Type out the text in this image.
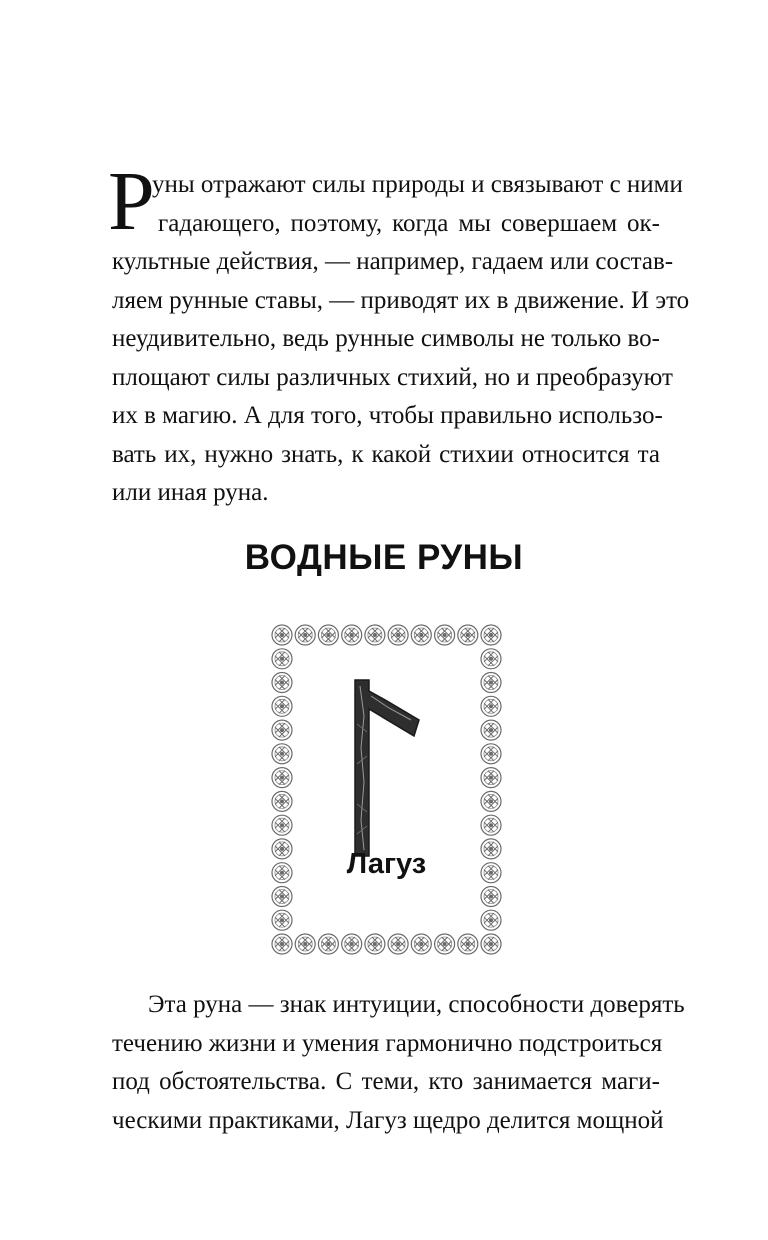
Р
уны отражают силы природы и связывают с ними
гадающего, поэтому, когда мы совершаем ок-
культные действия, — например, гадаем или состав-
ляем рунные ставы, — приводят их в движение. И это
неудивительно, ведь рунные символы не только во-
площают силы различных стихий, но и преобразуют
их в магию. А для того, чтобы правильно использо-
вать их, нужно знать, к какой стихии относится та
или иная руна.
ВОДНЫЕ РУНЫ
Лагуз
Эта руна — знак интуиции, способности доверять
течению жизни и умения гармонично подстроиться
под обстоятельства. С теми, кто занимается маги-
ческими практиками, Лагуз щедро делится мощной
